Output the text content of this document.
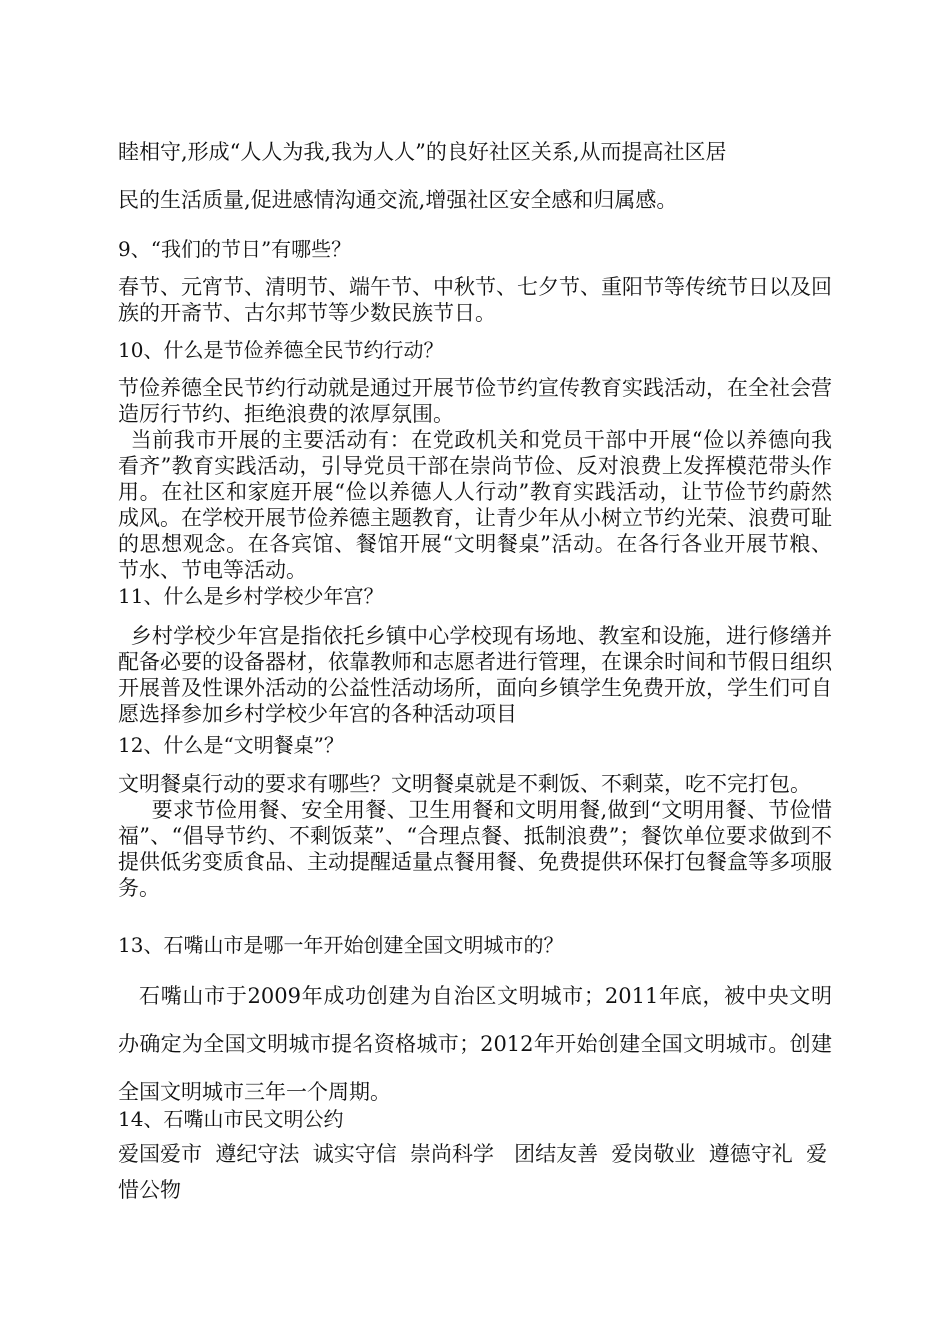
睦相守,形成“人人为我,我为人人”的良好社区关系,从而提高社区居
民的生活质量,促进感情沟通交流,增强社区安全感和归属感。
9、“我们的节日”有哪些？

春节、元宵节、清明节、端午节、中秋节、七夕节、重阳节等传统节日以及回族的开斋节、古尔邦节等少数民族节日。

10、什么是节俭养德全民节约行动？

节俭养德全民节约行动就是通过开展节俭节约宣传教育实践活动，在全社会营造厉行节约、拒绝浪费的浓厚氛围。

当前我市开展的主要活动有：在党政机关和党员干部中开展“俭以养德向我看齐”教育实践活动，引导党员干部在崇尚节俭、反对浪费上发挥模范带头作用。在社区和家庭开展“俭以养德人人行动”教育实践活动，让节俭节约蔚然成风。在学校开展节俭养德主题教育，让青少年从小树立节约光荣、浪费可耻的思想观念。在各宾馆、餐馆开展“文明餐桌”活动。在各行各业开展节粮、节水、节电等活动。

11、什么是乡村学校少年宫？

乡村学校少年宫是指依托乡镇中心学校现有场地、教室和设施，进行修缮并配备必要的设备器材，依靠教师和志愿者进行管理，在课余时间和节假日组织开展普及性课外活动的公益性活动场所，面向乡镇学生免费开放，学生们可自愿选择参加乡村学校少年宫的各种活动项目

12、什么是“文明餐桌”？

文明餐桌行动的要求有哪些？文明餐桌就是不剩饭、不剩菜，吃不完打包。

要求节俭用餐、安全用餐、卫生用餐和文明用餐,做到“文明用餐、节俭惜福”、“倡导节约、不剩饭菜”、“合理点餐、抵制浪费”；餐饮单位要求做到不提供低劣变质食品、主动提醒适量点餐用餐、免费提供环保打包餐盒等多项服务。

13、石嘴山市是哪一年开始创建全国文明城市的？

石嘴山市于2009年成功创建为自治区文明城市；2011年底，被中央文明办确定为全国文明城市提名资格城市；2012年开始创建全国文明城市。创建全国文明城市三年一个周期。

14、石嘴山市民文明公约
爱国爱市  遵纪守法  诚实守信  崇尚科学   团结友善  爱岗敬业  遵德守礼  爱惜公物
